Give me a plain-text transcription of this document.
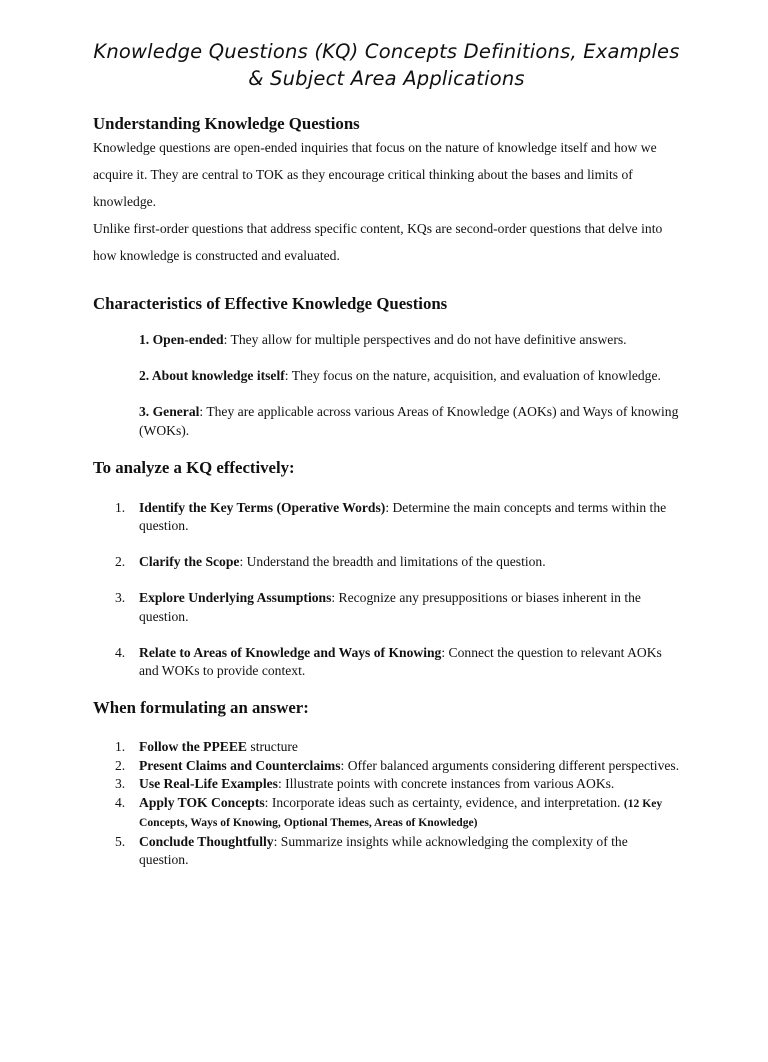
Knowledge Questions (KQ) Concepts Definitions, Examples & Subject Area Applications
Understanding Knowledge Questions

Knowledge questions are open-ended inquiries that focus on the nature of knowledge itself and how we acquire it. They are central to TOK as they encourage critical thinking about the bases and limits of knowledge.

Unlike first-order questions that address specific content, KQs are second-order questions that delve into how knowledge is constructed and evaluated.

Characteristics of Effective Knowledge Questions
1. Open-ended: They allow for multiple perspectives and do not have definitive answers.
2. About knowledge itself: They focus on the nature, acquisition, and evaluation of knowledge.
3. General: They are applicable across various Areas of Knowledge (AOKs) and Ways of knowing (WOKs).
To analyze a KQ effectively:
1. Identify the Key Terms (Operative Words): Determine the main concepts and terms within the question.
2. Clarify the Scope: Understand the breadth and limitations of the question.
3. Explore Underlying Assumptions: Recognize any presuppositions or biases inherent in the question.
4. Relate to Areas of Knowledge and Ways of Knowing: Connect the question to relevant AOKs and WOKs to provide context.
When formulating an answer:
1. Follow the PPEEE structure
2. Present Claims and Counterclaims: Offer balanced arguments considering different perspectives.
3. Use Real-Life Examples: Illustrate points with concrete instances from various AOKs.
4. Apply TOK Concepts: Incorporate ideas such as certainty, evidence, and interpretation. (12 Key Concepts, Ways of Knowing, Optional Themes, Areas of Knowledge)
5. Conclude Thoughtfully: Summarize insights while acknowledging the complexity of the question.
